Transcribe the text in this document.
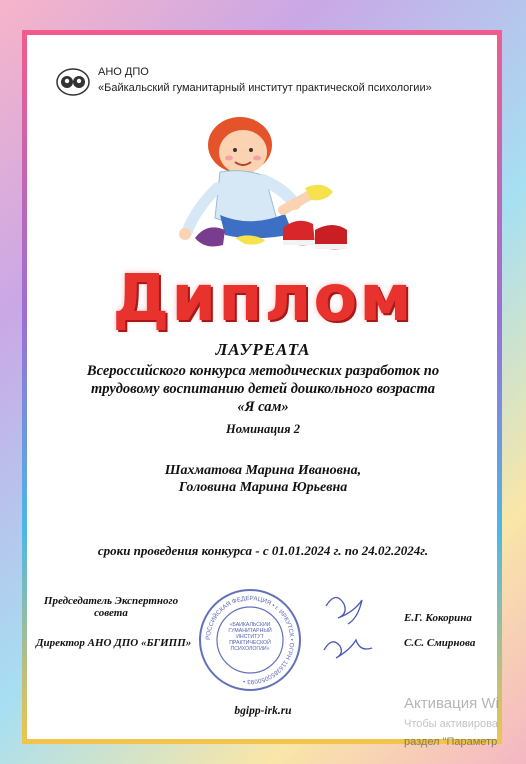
АНО ДПО
«Байкальский гуманитарный институт практической психологии»
Диплом
ЛАУРЕАТА
Всероссийского конкурса методических разработок по
трудовому воспитанию детей дошкольного возраста
«Я сам»
Номинация 2
Шахматова Марина Ивановна,
Головина Марина Юрьевна
сроки проведения конкурса - с 01.01.2024 г. по 24.02.2024г.
Председатель Экспертного
совета	Е.Г. Кокорина
Директор АНО ДПО «БГИПП»	С.С. Смирнова
РОССИЙСКАЯ ФЕДЕРАЦИЯ • г. ИРКУТСК • ОГРН 1163850050093 •
«БАЙКАЛЬСКИЙ ГУМАНИТАРНЫЙ ИНСТИТУТ ПРАКТИЧЕСКОЙ ПСИХОЛОГИИ»
bgipp-irk.ru	Активация Wi
Чтобы активирова
раздел "Параметр
